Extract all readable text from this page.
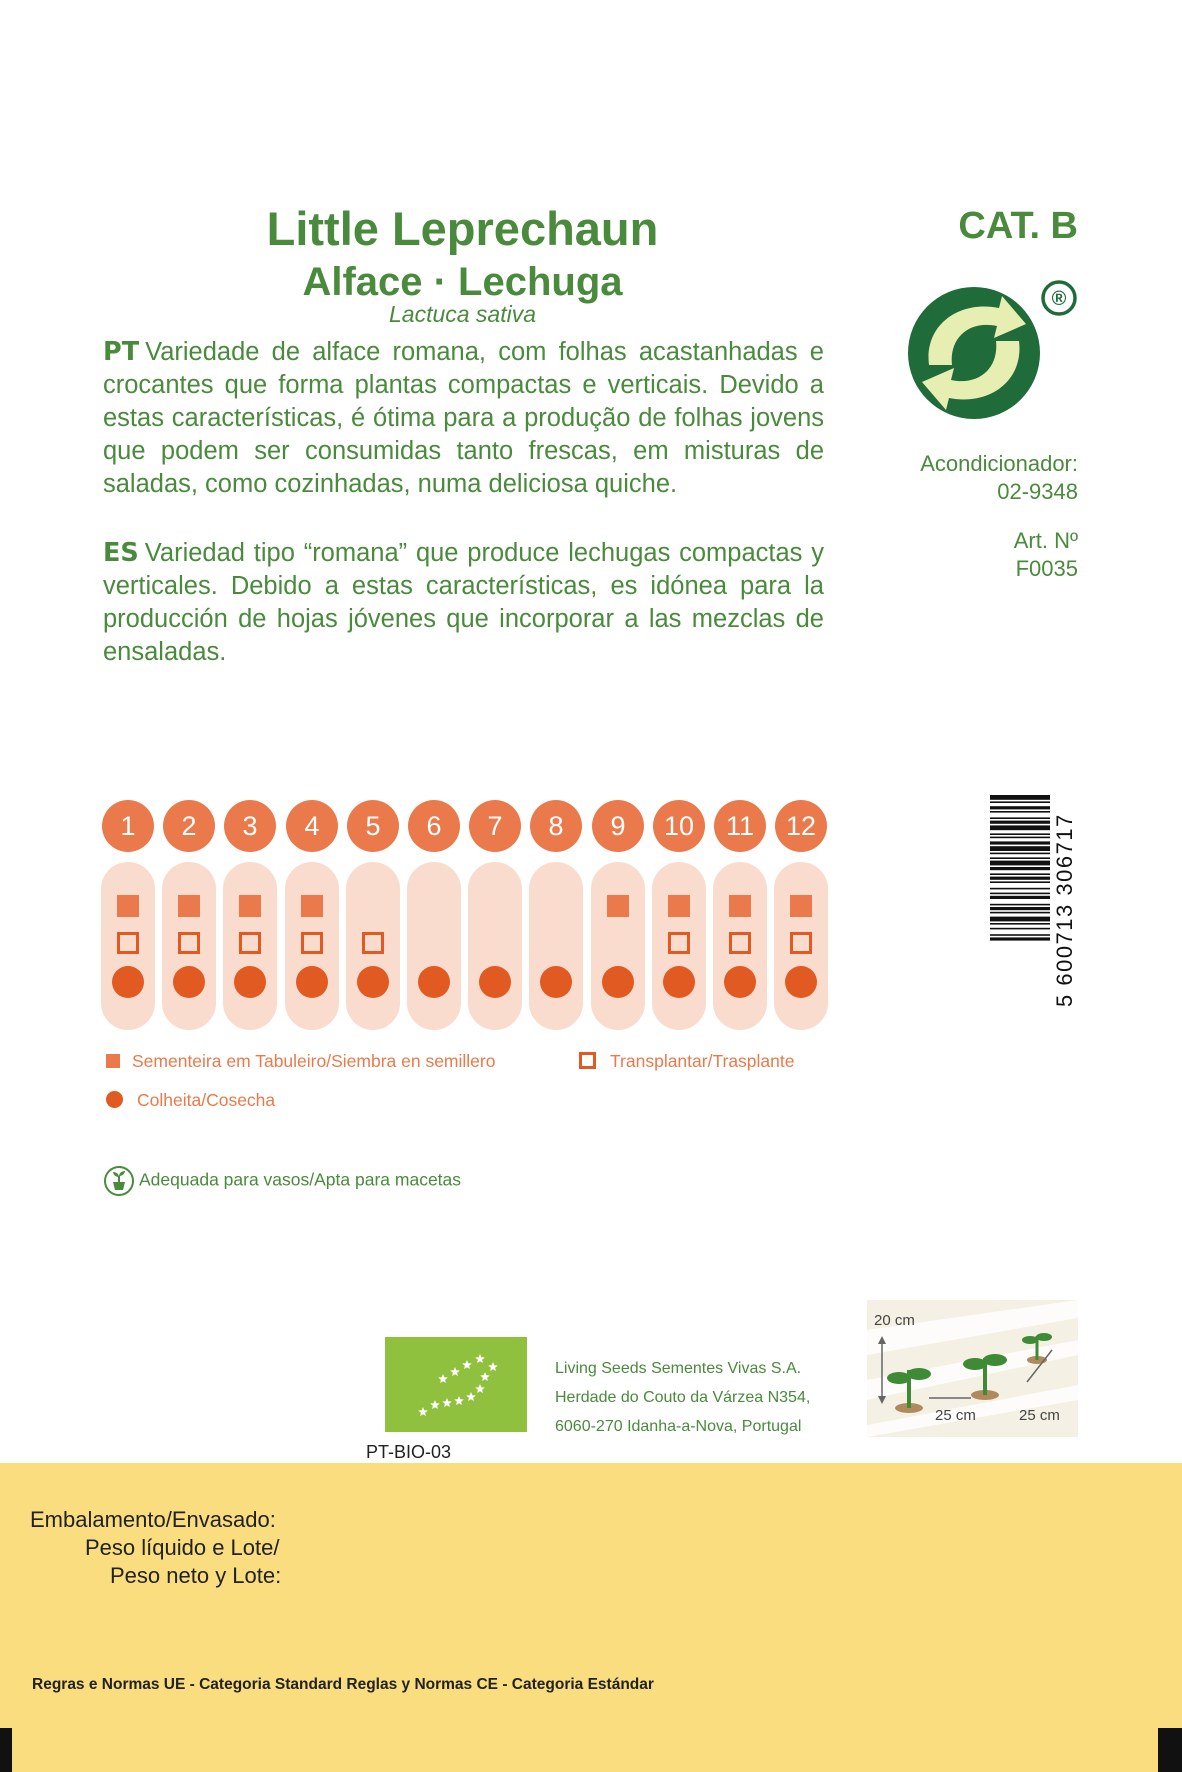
Little Leprechaun
Alface · Lechuga
Lactuca sativa
PT Variedade de alface romana, com folhas acastanhadas e crocantes que forma plantas compactas e verticais. Devido a estas características, é ótima para a produção de folhas jovens que podem ser consumidas tanto frescas, em misturas de saladas, como cozinhadas, numa deliciosa quiche.
ES Variedad tipo “romana” que produce lechugas compactas y verticales. Debido a estas características, es idónea para la producción de hojas jóvenes que incorporar a las mezclas de ensaladas.
CAT. B
®
Acondicionador:
02-9348
Art. Nº
F0035
5 600713 306717
1	2	3	4	5	6	7	8	9	10	11	12
Sementeira em Tabuleiro/Siembra en semillero	Transplantar/Trasplante
Colheita/Cosecha
Adequada para vasos/Apta para macetas
PT-BIO-03
Living Seeds Sementes Vivas S.A.
Herdade do Couto da Várzea N354,
6060-270 Idanha-a-Nova, Portugal
20 cm
25 cm	25 cm
Embalamento/Envasado:
Peso líquido e Lote/
Peso neto y Lote:
Regras e Normas UE - Categoria Standard Reglas y Normas CE - Categoria Estándar
